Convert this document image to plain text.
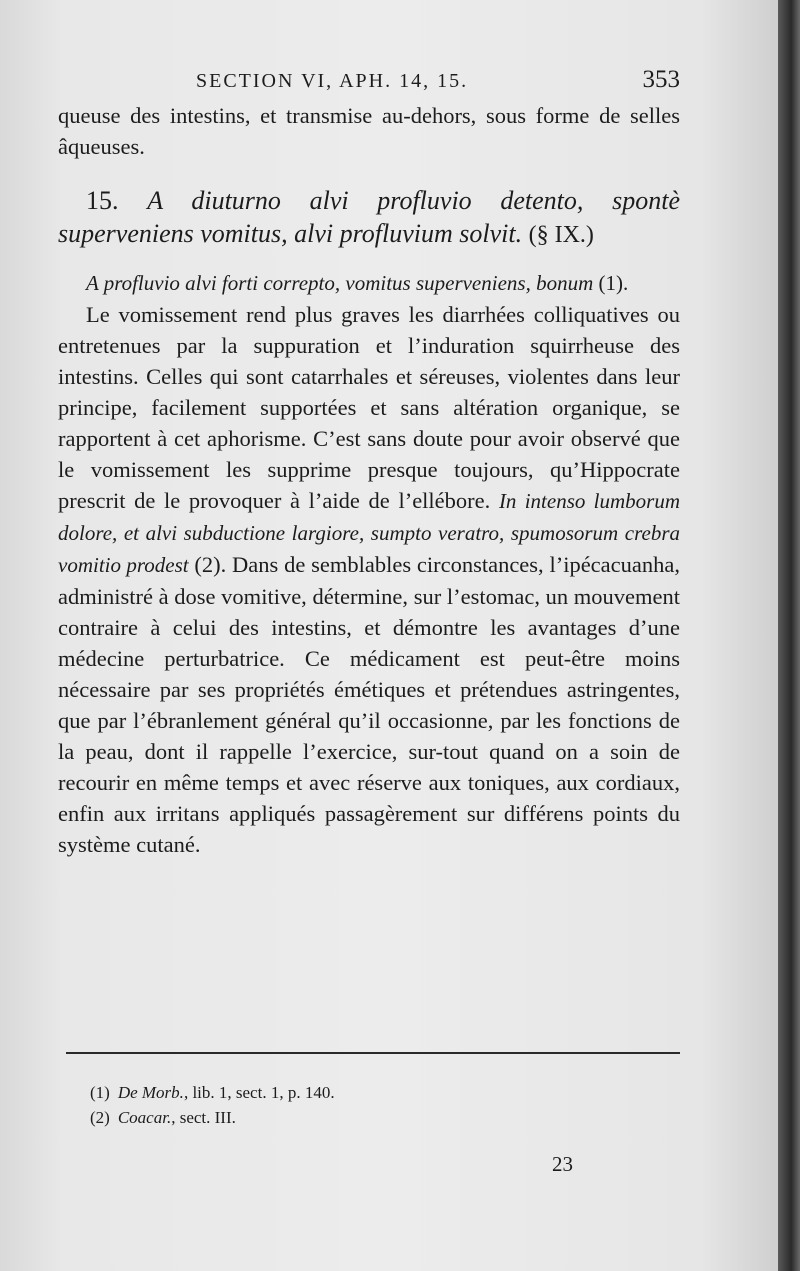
SECTION VI, APH. 14, 15.	353

queuse des intestins, et transmise au-dehors, sous forme de selles âqueuses.

15. A diuturno alvi profluvio detento, spontè superveniens vomitus, alvi profluvium solvit. (§ IX.)

A profluvio alvi forti correpto, vomitus superveniens, bonum (1).

Le vomissement rend plus graves les diarrhées colliquatives ou entretenues par la suppuration et l’induration squirrheuse des intestins. Celles qui sont catarrhales et séreuses, violentes dans leur principe, facilement supportées et sans altération organique, se rapportent à cet aphorisme. C’est sans doute pour avoir observé que le vomissement les supprime presque toujours, qu’Hippocrate prescrit de le provoquer à l’aide de l’ellébore. In intenso lumborum dolore, et alvi subductione largiore, sumpto veratro, spumosorum crebra vomitio prodest (2). Dans de semblables circonstances, l’ipécacuanha, administré à dose vomitive, détermine, sur l’estomac, un mouvement contraire à celui des intestins, et démontre les avantages d’une médecine perturbatrice. Ce médicament est peut-être moins nécessaire par ses propriétés émétiques et prétendues astringentes, que par l’ébranlement général qu’il occasionne, par les fonctions de la peau, dont il rappelle l’exercice, sur-tout quand on a soin de recourir en même temps et avec réserve aux toniques, aux cordiaux, enfin aux irritans appliqués passagèrement sur différens points du système cutané.

(1) De Morb., lib. 1, sect. 1, p. 140.
(2) Coacar., sect. III.
23
